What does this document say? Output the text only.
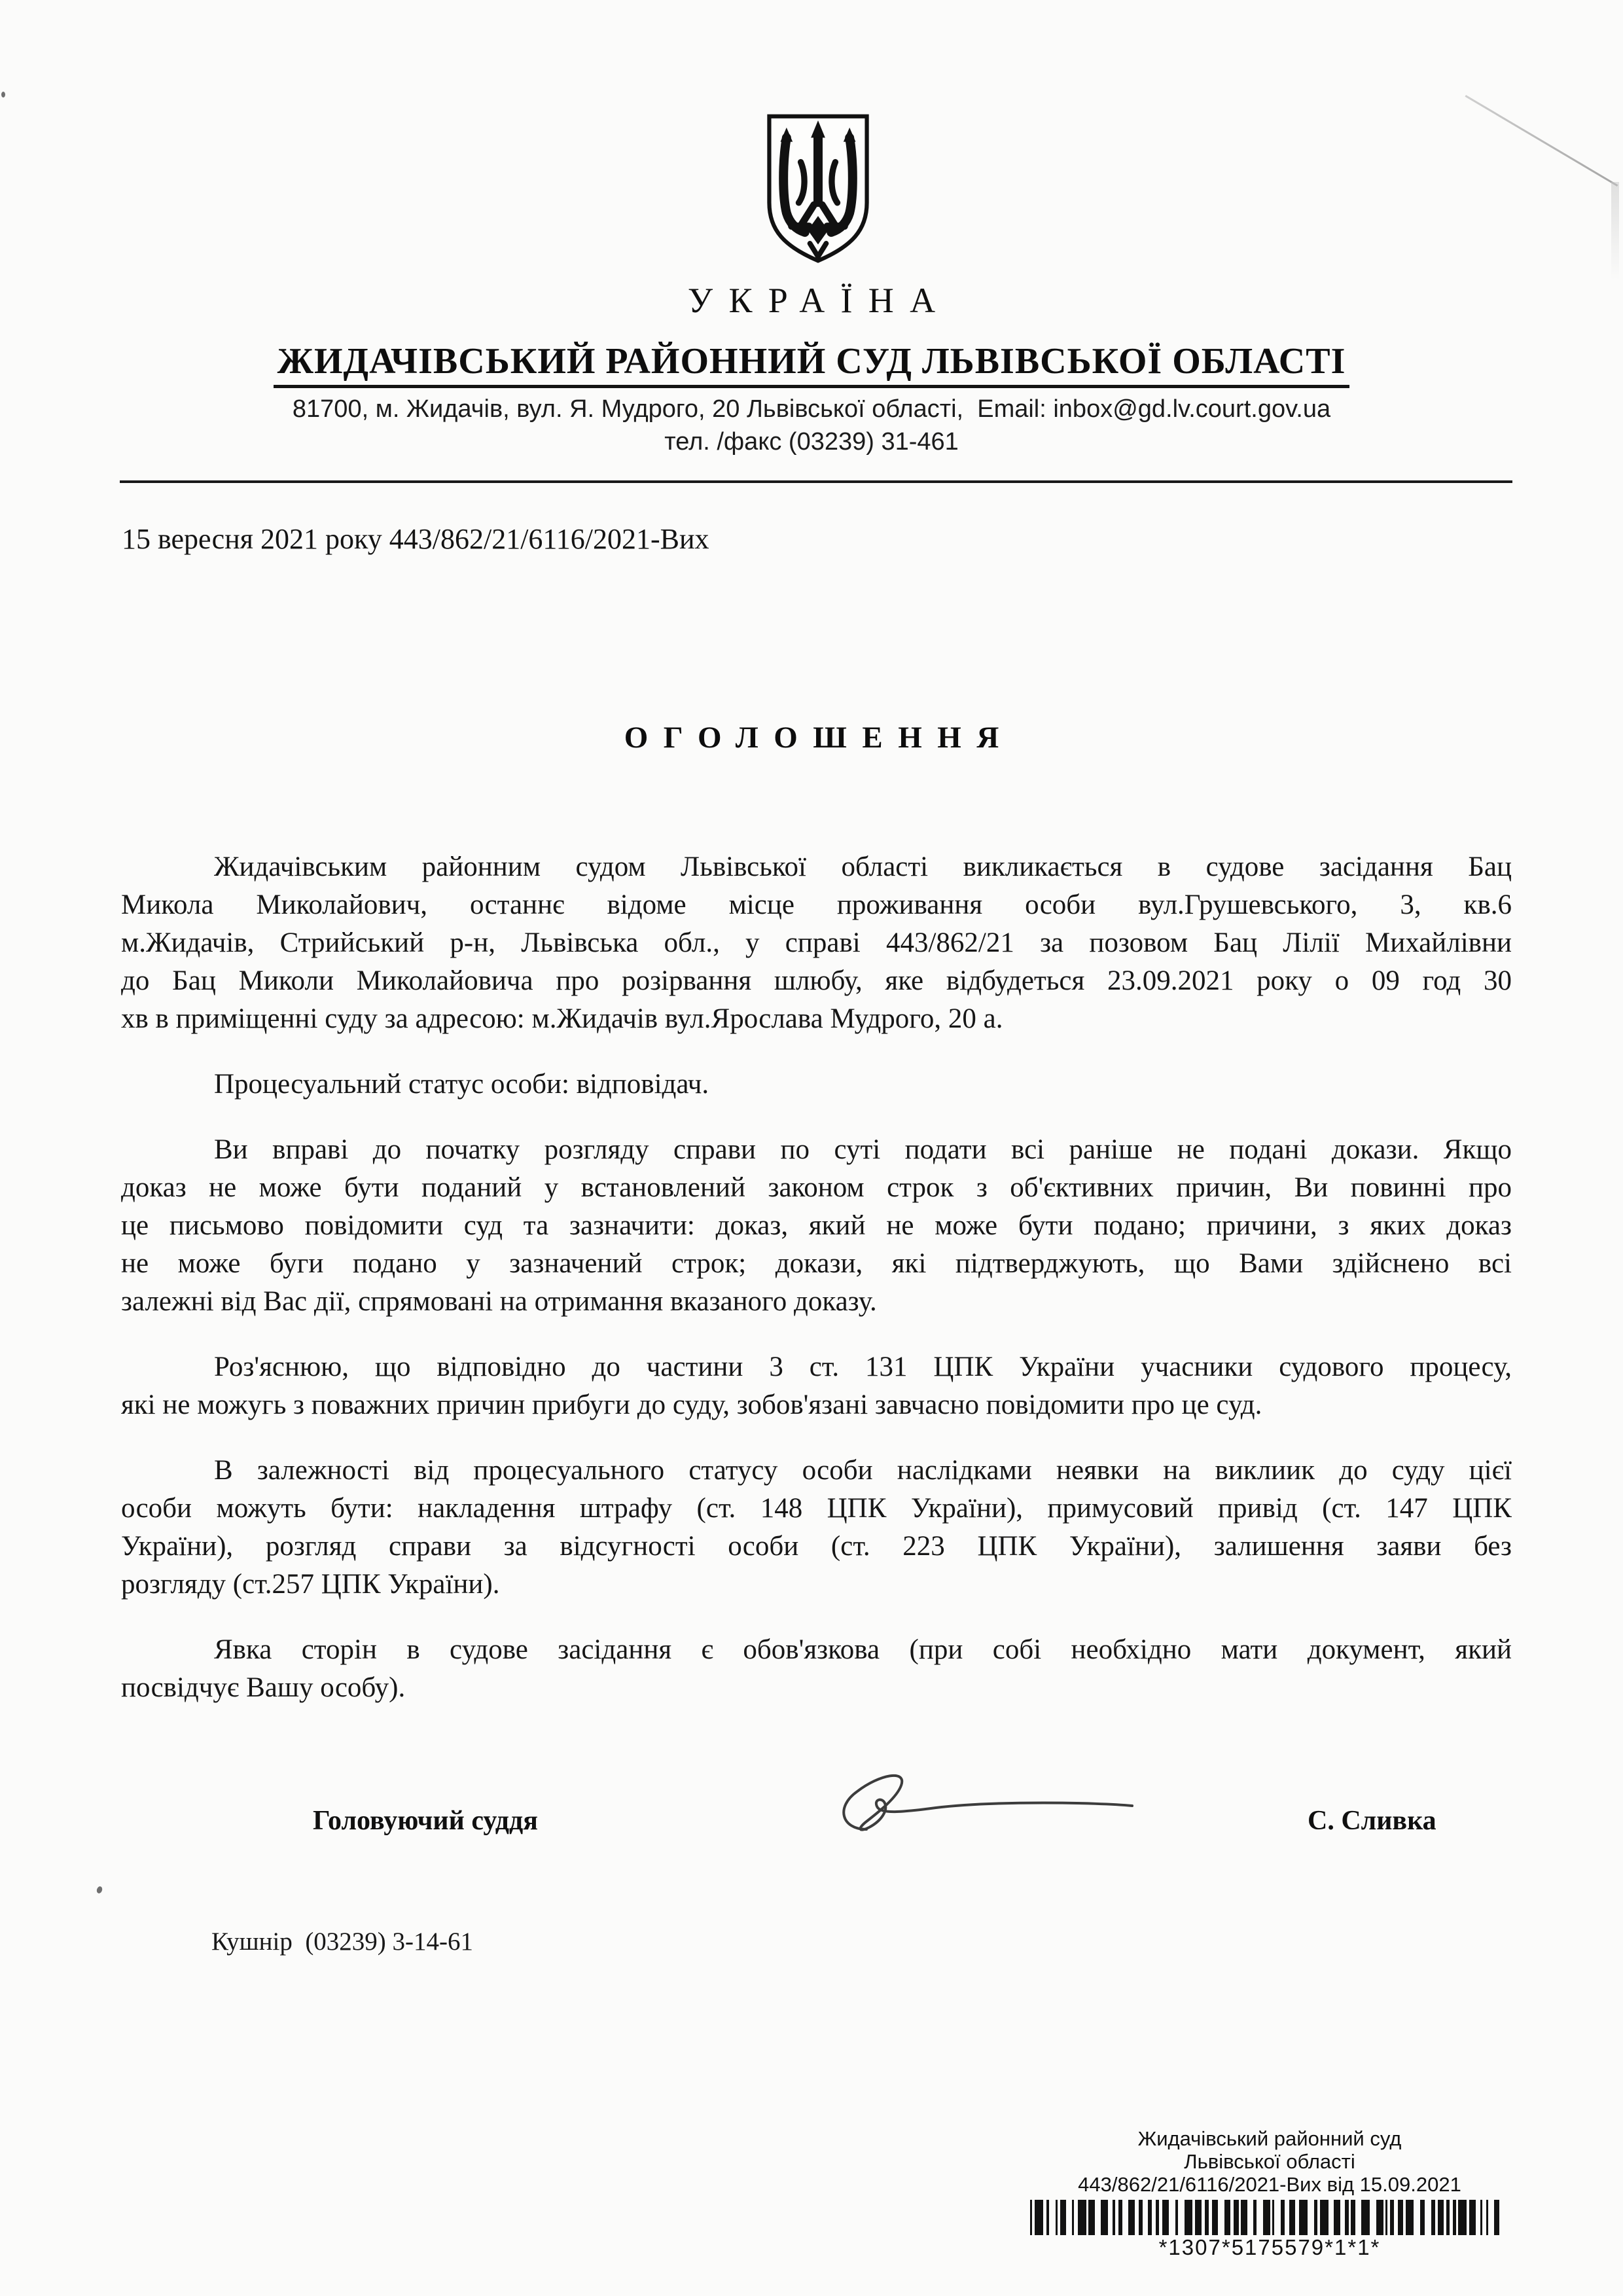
УКРАЇНА
ЖИДАЧІВСЬКИЙ РАЙОННИЙ СУД ЛЬВІВСЬКОЇ ОБЛАСТІ
81700, м. Жидачів, вул. Я. Мудрого, 20 Львівської області,  Email: inbox@gd.lv.court.gov.ua
тел. /факс (03239) 31-461
15 вересня 2021 року 443/862/21/6116/2021-Вих
ОГОЛОШЕННЯ
Жидачівським районним судом Львівської області викликається в судове засідання Бац
Микола Миколайович, останнє відоме місце проживання особи вул.Грушевського, 3, кв.6
м.Жидачів, Стрийський р-н, Львівська обл., у справі 443/862/21 за позовом Бац Лілії Михайлівни
до Бац Миколи Миколайовича про розірвання шлюбу, яке відбудеться 23.09.2021 року о 09 год 30
хв в приміщенні суду за адресою: м.Жидачів вул.Ярослава Мудрого, 20 а.
Процесуальний статус особи: відповідач.
Ви вправі до початку розгляду справи по суті подати всі раніше не подані докази. Якщо
доказ не може бути поданий у встановлений законом строк з об'єктивних причин, Ви повинні про
це письмово повідомити суд та зазначити: доказ, який не може бути подано; причини, з яких доказ
не може буги подано у зазначений строк; докази, які підтверджують, що Вами здійснено всі
залежні від Вас дії, спрямовані на отримання вказаного доказу.
Роз'яснюю, що відповідно до частини 3 ст. 131 ЦПК України учасники судового процесу,
які не можугь з поважних причин прибуги до суду, зобов'язані завчасно повідомити про це суд.
В залежності від процесуального статусу особи наслідками неявки на виклиик до суду цієї
особи можуть бути: накладення штрафу (ст. 148 ЦПК України), примусовий привід (ст. 147 ЦПК
України), розгляд справи за відсугності особи (ст. 223 ЦПК України), залишення заяви без
розгляду (ст.257 ЦПК України).
Явка сторін в судове засідання є обов'язкова (при собі необхідно мати документ, який
посвідчує Вашу особу).
Головуючий суддя	С. Сливка
Кушнір  (03239) 3-14-61
Жидачівський районний суд
Львівської області
443/862/21/6116/2021-Вих від 15.09.2021
*1307*5175579*1*1*
